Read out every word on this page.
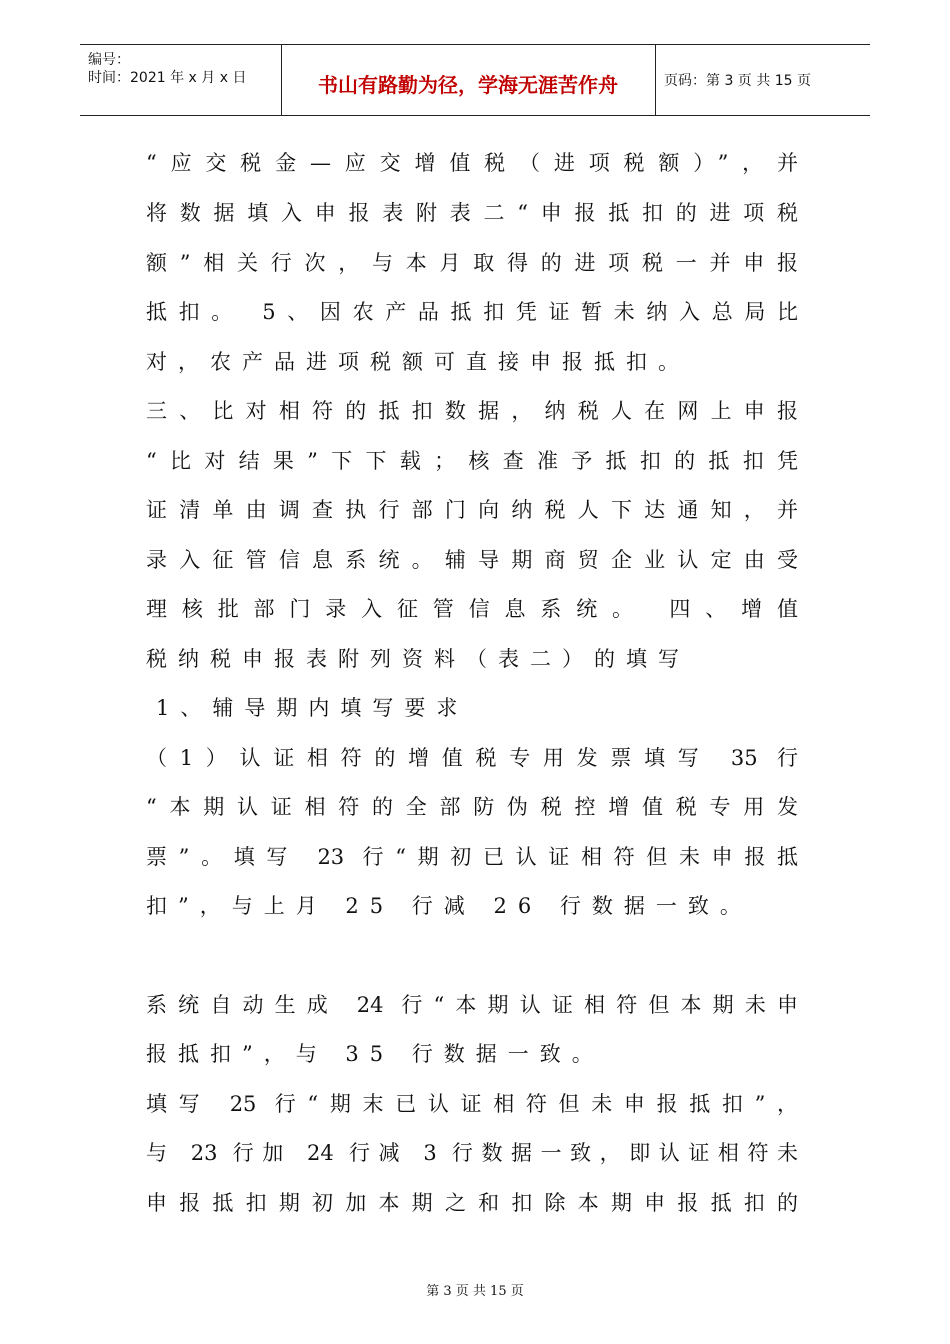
编号：
时间：2021 年 x 月 x 日	书山有路勤为径，学海无涯苦作舟	页码：第 3 页 共 15 页
“应交税金—应交增值税（进项税额）”，并
将数据填入申报表附表二“申报抵扣的进项税
额”相关行次，与本月取得的进项税一并申报
抵扣。 5、因农产品抵扣凭证暂未纳入总局比
对，农产品进项税额可直接申报抵扣。
三、比对相符的抵扣数据，纳税人在网上申报
“比对结果”下下载；核查准予抵扣的抵扣凭
证清单由调查执行部门向纳税人下达通知，并
录入征管信息系统。辅导期商贸企业认定由受
理核批部门录入征管信息系统。 四、增值
税纳税申报表附列资料（表二）的填写
1、辅导期内填写要求
（1）认证相符的增值税专用发票填写 35 行
“本期认证相符的全部防伪税控增值税专用发
票”。填写 23 行“期初已认证相符但未申报抵
扣”，与上月 25 行减 26 行数据一致。
系统自动生成 24 行“本期认证相符但本期未申
报抵扣”，与 35 行数据一致。
填写 25 行“期末已认证相符但未申报抵扣”，
与 23 行加 24 行减 3 行数据一致，即认证相符未
申报抵扣期初加本期之和扣除本期申报抵扣的
第 3 页 共 15 页
